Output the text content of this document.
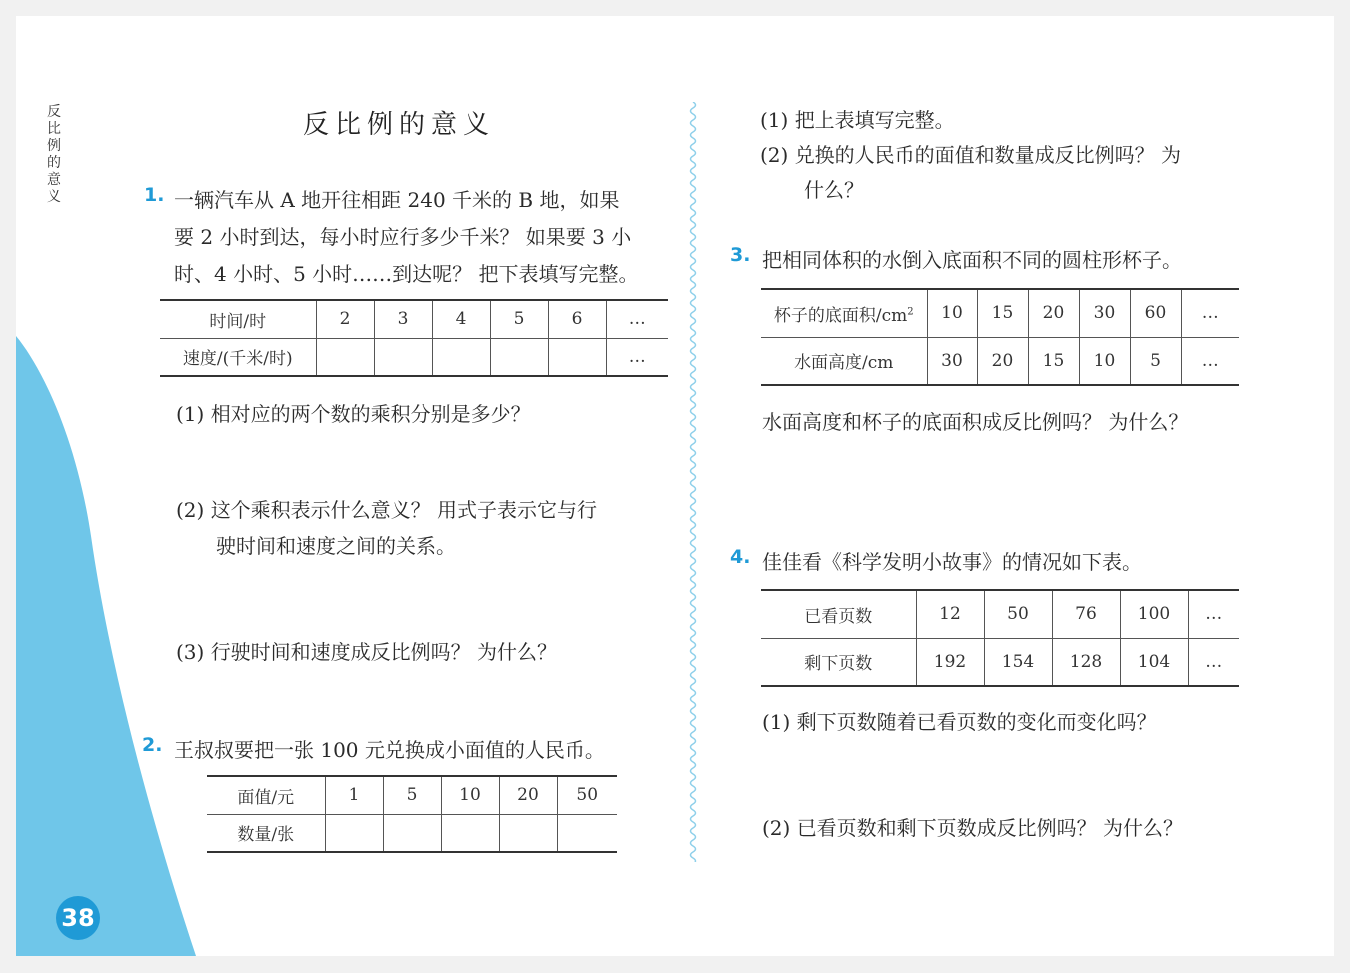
反
比
例
的
意
义
38
反比例的意义
1. 一辆汽车从 A 地开往相距 240 千米的 B 地，如果
要 2 小时到达，每小时应行多少千米？ 如果要 3 小
时、4 小时、5 小时……到达呢？ 把下表填写完整。
时间/时	2	3	4	5	6	…
速度/(千米/时)						…
(1) 相对应的两个数的乘积分别是多少？
(2) 这个乘积表示什么意义？ 用式子表示它与行
驶时间和速度之间的关系。
(3) 行驶时间和速度成反比例吗？ 为什么？
2. 王叔叔要把一张 100 元兑换成小面值的人民币。
面值/元	1	5	10	20	50
数量/张					
(1) 把上表填写完整。
(2) 兑换的人民币的面值和数量成反比例吗？ 为
什么？
3. 把相同体积的水倒入底面积不同的圆柱形杯子。
杯子的底面积$/cm^2$	10	15	20	30	60	…
水面高度/cm	30	20	15	10	5	…
水面高度和杯子的底面积成反比例吗？ 为什么？
4. 佳佳看《科学发明小故事》的情况如下表。
已看页数	12	50	76	100	…
剩下页数	192	154	128	104	…
(1) 剩下页数随着已看页数的变化而变化吗？
(2) 已看页数和剩下页数成反比例吗？ 为什么？
